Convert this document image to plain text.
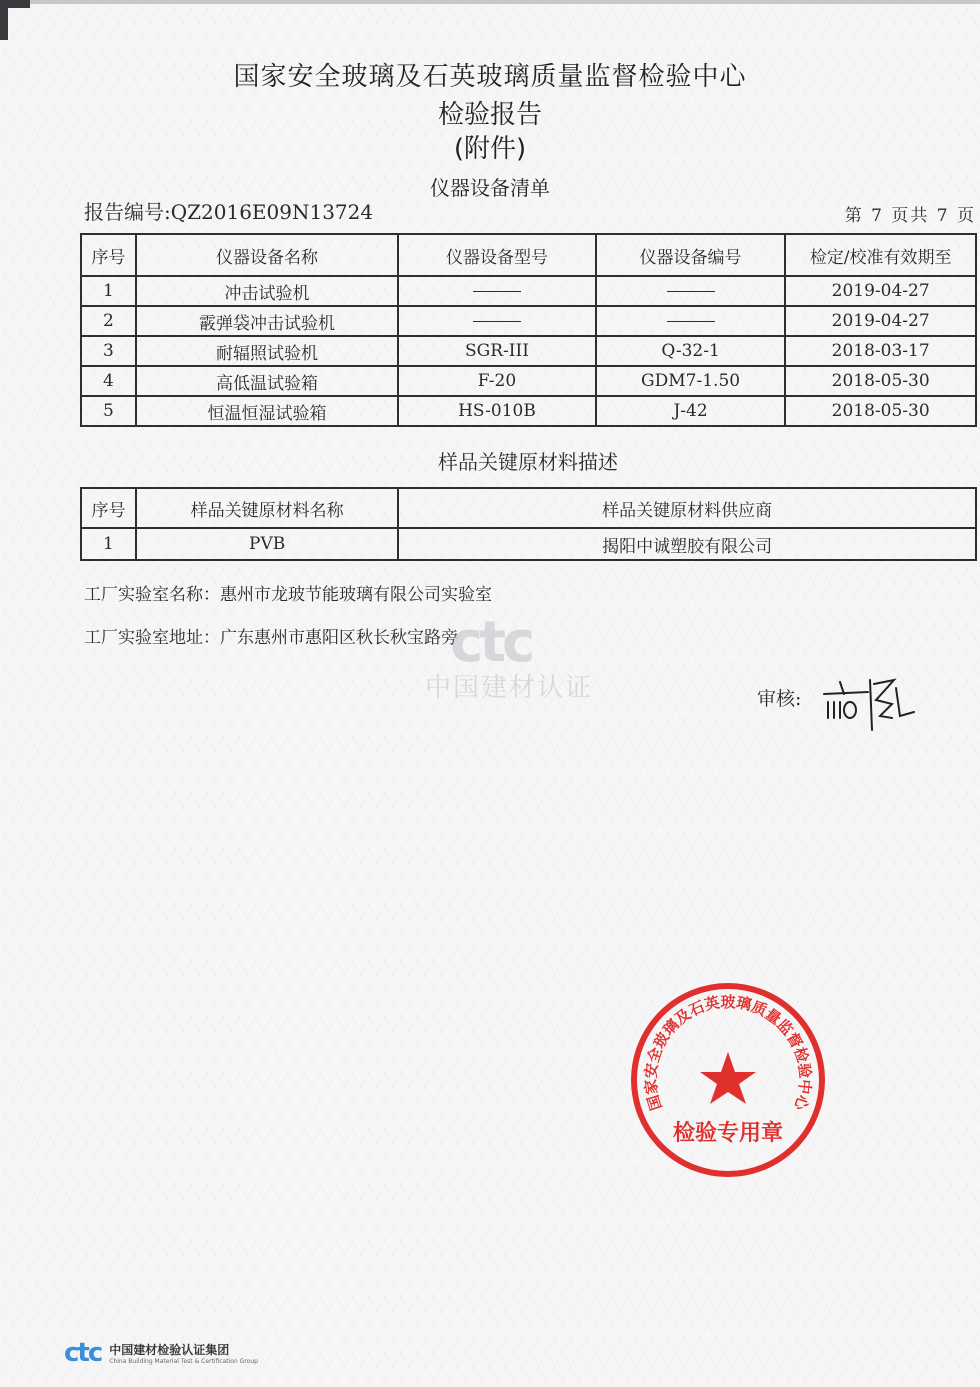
国家安全玻璃及石英玻璃质量监督检验中心
检验报告
(附件)
仪器设备清单
报告编号:QZ2016E09N13724	第 7 页共 7 页
序号	仪器设备名称	仪器设备型号	仪器设备编号	检定/校准有效期至
1	冲击试验机			2019-04-27
2	霰弹袋冲击试验机			2019-04-27
3	耐辐照试验机	SGR-III	Q-32-1	2018-03-17
4	高低温试验箱	F-20	GDM7-1.50	2018-05-30
5	恒温恒湿试验箱	HS-010B	J-42	2018-05-30
样品关键原材料描述
序号	样品关键原材料名称	样品关键原材料供应商
1	PVB	揭阳中诚塑胶有限公司
工厂实验室名称：惠州市龙玻节能玻璃有限公司实验室
工厂实验室地址：广东惠州市惠阳区秋长秋宝路旁
ctc
中国建材认证	审核:
国家安全玻璃及石英玻璃质量监督检验中心
检验专用章
ctc 中国建材检验认证集团
China Building Material Test & Certification Group
